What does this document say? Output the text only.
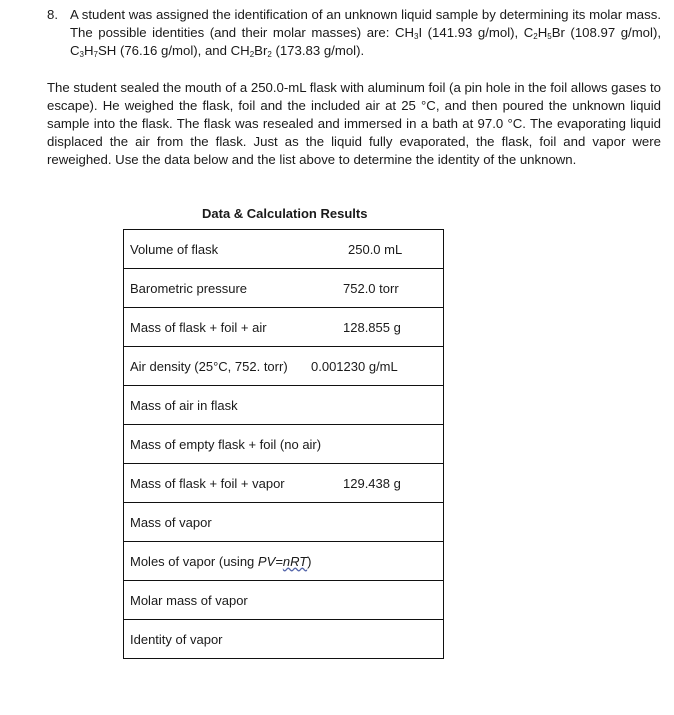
8. A student was assigned the identification of an unknown liquid sample by determining its molar mass. The possible identities (and their molar masses) are: $CH_3I$ (141.93 g/mol), $C_2H_5Br$ (108.97 g/mol), $C_3H_7SH$ (76.16 g/mol), and $CH_2Br_2$ (173.83 g/mol).

The student sealed the mouth of a 250.0-mL flask with aluminum foil (a pin hole in the foil allows gases to escape). He weighed the flask, foil and the included air at 25 °C, and then poured the unknown liquid sample into the flask. The flask was resealed and immersed in a bath at 97.0 °C. The evaporating liquid displaced the air from the flask. Just as the liquid fully evaporated, the flask, foil and vapor were reweighed. Use the data below and the list above to determine the identity of the unknown.

Data & Calculation Results
Volume of flask	250.0 mL

Barometric pressure	752.0 torr

Mass of flask + foil + air	128.855 g

Air density (25°C, 752. torr) 0.001230 g/mL

Mass of air in flask
Mass of empty flask + foil (no air)
Mass of flask + foil + vapor	129.438 g

Mass of vapor
Moles of vapor (using PV=nRT)
Molar mass of vapor
Identity of vapor
